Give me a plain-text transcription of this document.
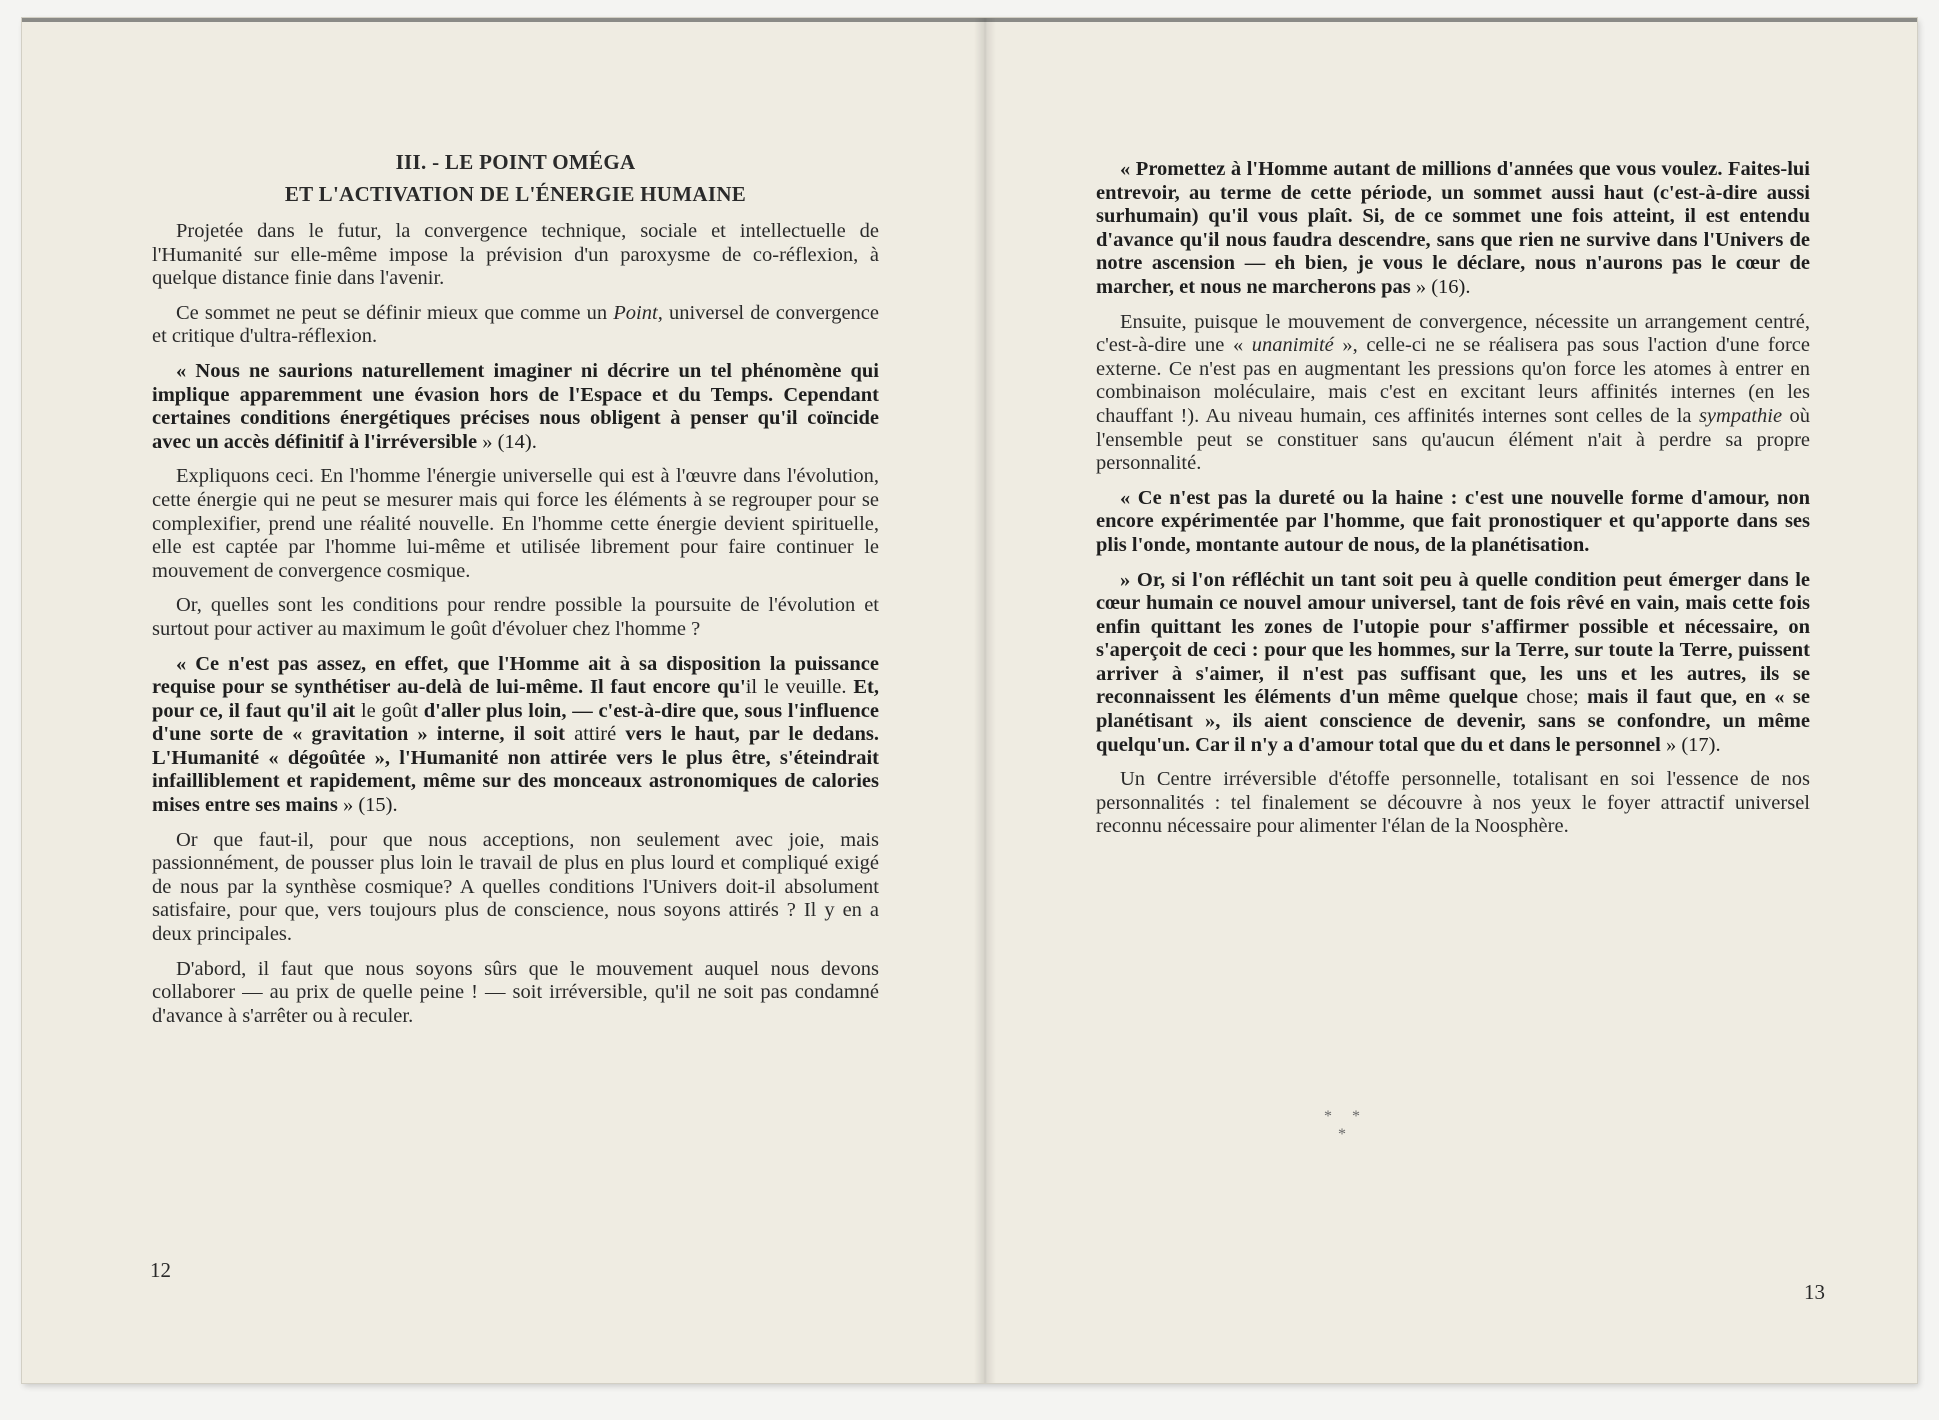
III. - LE POINT OMÉGA
ET L'ACTIVATION DE L'ÉNERGIE HUMAINE

Projetée dans le futur, la convergence technique, sociale et intellectuelle de l'Humanité sur elle-même impose la prévision d'un paroxysme de co-réflexion, à quelque distance finie dans l'avenir.

Ce sommet ne peut se définir mieux que comme un Point, universel de convergence et critique d'ultra-réflexion.

« Nous ne saurions naturellement imaginer ni décrire un tel phénomène qui implique apparemment une évasion hors de l'Espace et du Temps. Cependant certaines conditions énergétiques précises nous obligent à penser qu'il coïncide avec un accès définitif à l'irréversible » (14).

Expliquons ceci. En l'homme l'énergie universelle qui est à l'œuvre dans l'évolution, cette énergie qui ne peut se mesurer mais qui force les éléments à se regrouper pour se complexifier, prend une réalité nouvelle. En l'homme cette énergie devient spirituelle, elle est captée par l'homme lui-même et utilisée librement pour faire continuer le mouvement de convergence cosmique.

Or, quelles sont les conditions pour rendre possible la poursuite de l'évolution et surtout pour activer au maximum le goût d'évoluer chez l'homme ?

« Ce n'est pas assez, en effet, que l'Homme ait à sa disposition la puissance requise pour se synthétiser au-delà de lui-même. Il faut encore qu'il le veuille. Et, pour ce, il faut qu'il ait le goût d'aller plus loin, — c'est-à-dire que, sous l'influence d'une sorte de « gravitation » interne, il soit attiré vers le haut, par le dedans. L'Humanité « dégoûtée », l'Humanité non attirée vers le plus être, s'éteindrait infailliblement et rapidement, même sur des monceaux astronomiques de calories mises entre ses mains » (15).

Or que faut-il, pour que nous acceptions, non seulement avec joie, mais passionnément, de pousser plus loin le travail de plus en plus lourd et compliqué exigé de nous par la synthèse cosmique? A quelles conditions l'Univers doit-il absolument satisfaire, pour que, vers toujours plus de conscience, nous soyons attirés ? Il y en a deux principales.

D'abord, il faut que nous soyons sûrs que le mouvement auquel nous devons collaborer — au prix de quelle peine ! — soit irréversible, qu'il ne soit pas condamné d'avance à s'arrêter ou à reculer.

12

« Promettez à l'Homme autant de millions d'années que vous voulez. Faites-lui entrevoir, au terme de cette période, un sommet aussi haut (c'est-à-dire aussi surhumain) qu'il vous plaît. Si, de ce sommet une fois atteint, il est entendu d'avance qu'il nous faudra descendre, sans que rien ne survive dans l'Univers de notre ascension — eh bien, je vous le déclare, nous n'aurons pas le cœur de marcher, et nous ne marcherons pas » (16).

Ensuite, puisque le mouvement de convergence, nécessite un arrangement centré, c'est-à-dire une « unanimité », celle-ci ne se réalisera pas sous l'action d'une force externe. Ce n'est pas en augmentant les pressions qu'on force les atomes à entrer en combinaison moléculaire, mais c'est en excitant leurs affinités internes (en les chauffant !). Au niveau humain, ces affinités internes sont celles de la sympathie où l'ensemble peut se constituer sans qu'aucun élément n'ait à perdre sa propre personnalité.

« Ce n'est pas la dureté ou la haine : c'est une nouvelle forme d'amour, non encore expérimentée par l'homme, que fait pronostiquer et qu'apporte dans ses plis l'onde, montante autour de nous, de la planétisation.

» Or, si l'on réfléchit un tant soit peu à quelle condition peut émerger dans le cœur humain ce nouvel amour universel, tant de fois rêvé en vain, mais cette fois enfin quittant les zones de l'utopie pour s'affirmer possible et nécessaire, on s'aperçoit de ceci : pour que les hommes, sur la Terre, sur toute la Terre, puissent arriver à s'aimer, il n'est pas suffisant que, les uns et les autres, ils se reconnaissent les éléments d'un même quelque chose; mais il faut que, en « se planétisant », ils aient conscience de devenir, sans se confondre, un même quelqu'un. Car il n'y a d'amour total que du et dans le personnel » (17).

Un Centre irréversible d'étoffe personnelle, totalisant en soi l'essence de nos personnalités : tel finalement se découvre à nos yeux le foyer attractif universel reconnu nécessaire pour alimenter l'élan de la Noosphère.

* * *
13
